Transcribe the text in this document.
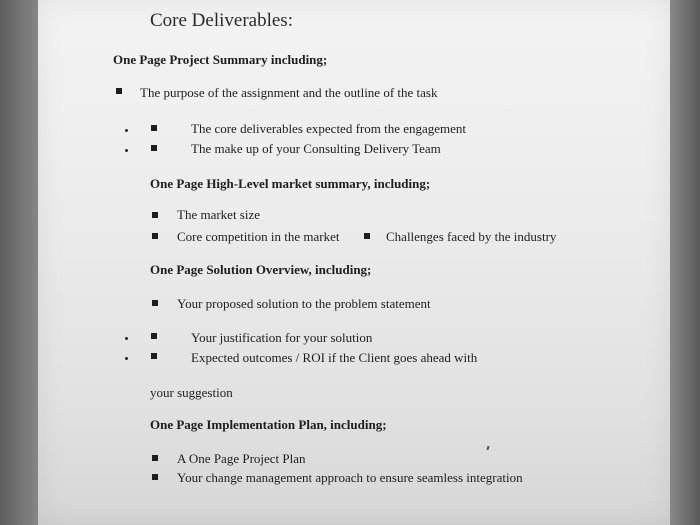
Core Deliverables:
One Page Project Summary including;
The purpose of the assignment and the outline of the task
The core deliverables expected from the engagement
The make up of your Consulting Delivery Team
One Page High-Level market summary, including;
The market size
Core competition in the market	Challenges faced by the industry
One Page Solution Overview, including;
Your proposed solution to the problem statement
Your justification for your solution
Expected outcomes / ROI if the Client goes ahead with
your suggestion
One Page Implementation Plan, including;
A One Page Project Plan
Your change management approach to ensure seamless integration
